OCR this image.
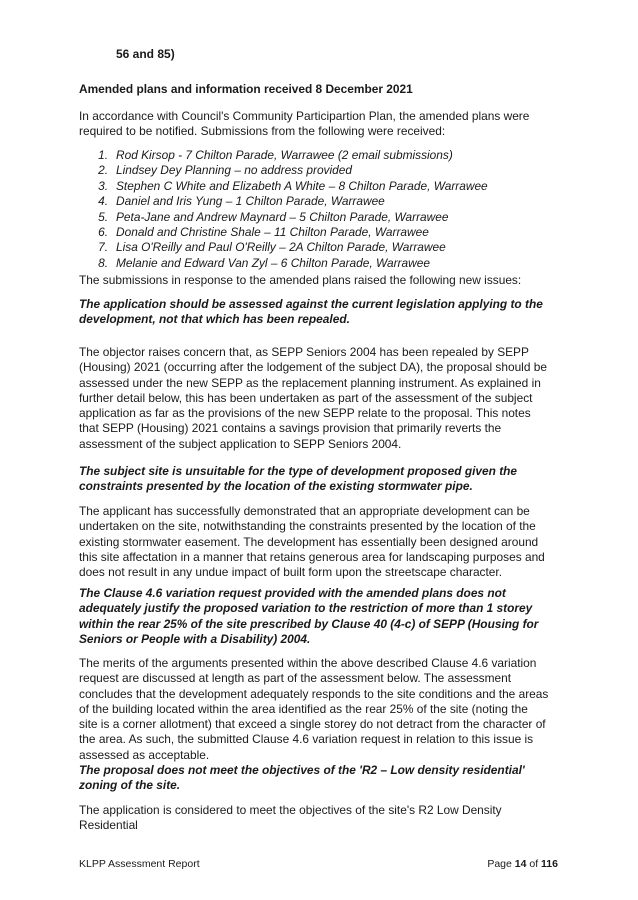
56 and 85)

Amended plans and information received 8 December 2021

In accordance with Council's Community Participartion Plan, the amended plans were required to be notified. Submissions from the following were received:

1. Rod Kirsop - 7 Chilton Parade, Warrawee (2 email submissions)
2. Lindsey Dey Planning – no address provided
3. Stephen C White and Elizabeth A White – 8 Chilton Parade, Warrawee
4. Daniel and Iris Yung – 1 Chilton Parade, Warrawee
5. Peta-Jane and Andrew Maynard – 5 Chilton Parade, Warrawee
6. Donald and Christine Shale – 11 Chilton Parade, Warrawee
7. Lisa O'Reilly and Paul O'Reilly – 2A Chilton Parade, Warrawee
8. Melanie and Edward Van Zyl – 6 Chilton Parade, Warrawee

The submissions in response to the amended plans raised the following new issues:

The application should be assessed against the current legislation applying to the development, not that which has been repealed.

The objector raises concern that, as SEPP Seniors 2004 has been repealed by SEPP (Housing) 2021 (occurring after the lodgement of the subject DA), the proposal should be assessed under the new SEPP as the replacement planning instrument. As explained in further detail below, this has been undertaken as part of the assessment of the subject application as far as the provisions of the new SEPP relate to the proposal. This notes that SEPP (Housing) 2021 contains a savings provision that primarily reverts the assessment of the subject application to SEPP Seniors 2004.

The subject site is unsuitable for the type of development proposed given the constraints presented by the location of the existing stormwater pipe.

The applicant has successfully demonstrated that an appropriate development can be undertaken on the site, notwithstanding the constraints presented by the location of the existing stormwater easement. The development has essentially been designed around this site affectation in a manner that retains generous area for landscaping purposes and does not result in any undue impact of built form upon the streetscape character.

The Clause 4.6 variation request provided with the amended plans does not adequately justify the proposed variation to the restriction of more than 1 storey within the rear 25% of the site prescribed by Clause 40 (4-c) of SEPP (Housing for Seniors or People with a Disability) 2004.

The merits of the arguments presented within the above described Clause 4.6 variation request are discussed at length as part of the assessment below. The assessment concludes that the development adequately responds to the site conditions and the areas of the building located within the area identified as the rear 25% of the site (noting the site is a corner allotment) that exceed a single storey do not detract from the character of the area. As such, the submitted Clause 4.6 variation request in relation to this issue is assessed as acceptable.

The proposal does not meet the objectives of the 'R2 – Low density residential' zoning of the site.

The application is considered to meet the objectives of the site's R2 Low Density Residential

KLPP Assessment Report	Page 14 of 116
